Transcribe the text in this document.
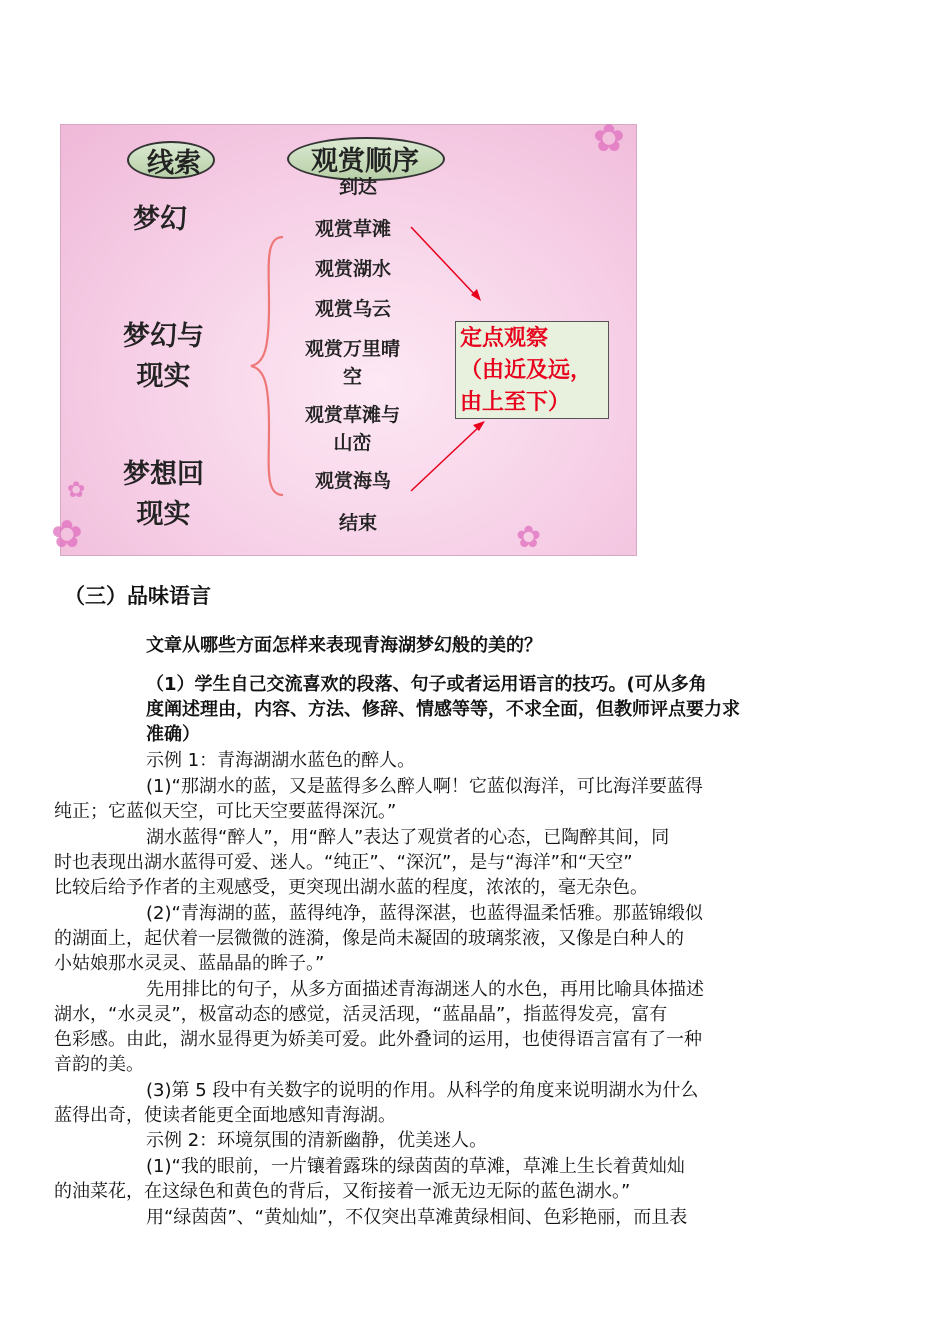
✿
✿	✿
✿
线索	观赏顺序
梦幻
梦幻与
现实
梦想回
现实
到达
观赏草滩
观赏湖水
观赏乌云
观赏万里晴
空
观赏草滩与
山峦
观赏海鸟
结束
定点观察
（由近及远，
由上至下）
（三）品味语言
文章从哪些方面怎样来表现青海湖梦幻般的美的？
（1）学生自己交流喜欢的段落、句子或者运用语言的技巧。(可从多角
度阐述理由，内容、方法、修辞、情感等等，不求全面，但教师评点要力求
准确）
示例 1：青海湖湖水蓝色的醉人。
(1)“那湖水的蓝，又是蓝得多么醉人啊！它蓝似海洋，可比海洋要蓝得
纯正；它蓝似天空，可比天空要蓝得深沉。”
湖水蓝得“醉人”，用“醉人”表达了观赏者的心态，已陶醉其间，同
时也表现出湖水蓝得可爱、迷人。“纯正”、“深沉”，是与“海洋”和“天空”
比较后给予作者的主观感受，更突现出湖水蓝的程度，浓浓的，毫无杂色。
(2)“青海湖的蓝，蓝得纯净，蓝得深湛，也蓝得温柔恬雅。那蓝锦缎似
的湖面上，起伏着一层微微的涟漪，像是尚未凝固的玻璃浆液，又像是白种人的
小姑娘那水灵灵、蓝晶晶的眸子。”
先用排比的句子，从多方面描述青海湖迷人的水色，再用比喻具体描述
湖水，“水灵灵”，极富动态的感觉，活灵活现，“蓝晶晶”，指蓝得发亮，富有
色彩感。由此，湖水显得更为娇美可爱。此外叠词的运用，也使得语言富有了一种
音韵的美。
(3)第 5 段中有关数字的说明的作用。从科学的角度来说明湖水为什么
蓝得出奇，使读者能更全面地感知青海湖。
示例 2：环境氛围的清新幽静，优美迷人。
(1)“我的眼前，一片镶着露珠的绿茵茵的草滩，草滩上生长着黄灿灿
的油菜花，在这绿色和黄色的背后，又衔接着一派无边无际的蓝色湖水。”
用“绿茵茵”、“黄灿灿”，不仅突出草滩黄绿相间、色彩艳丽，而且表
